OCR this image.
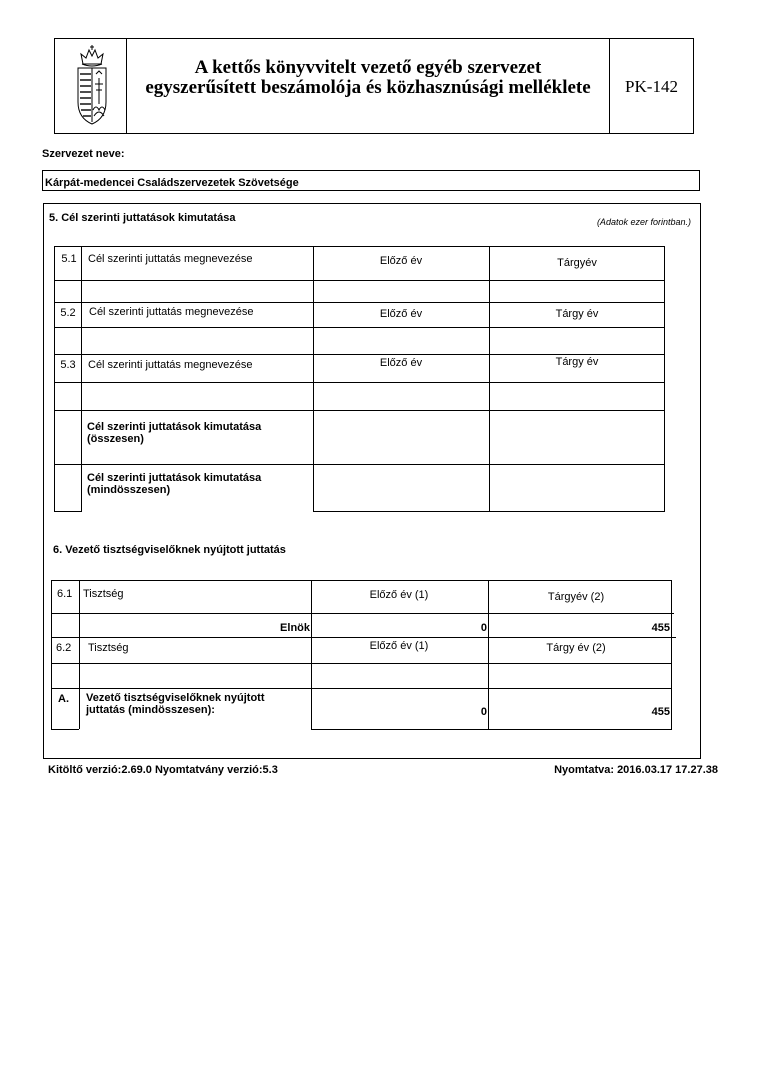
A kettős könyvvitelt vezető egyéb szervezet
egyszerűsített beszámolója és közhasznúsági melléklete	PK-142
Szervezet neve:
Kárpát-medencei Családszervezetek Szövetsége
5. Cél szerinti juttatások kimutatása	(Adatok ezer forintban.)
5.1	Cél szerinti juttatás megnevezése	Előző év	Tárgyév
5.2	Cél szerinti juttatás megnevezése	Előző év	Tárgy év
5.3	Cél szerinti juttatás megnevezése	Előző év	Tárgy év
Cél szerinti juttatások kimutatása (összesen)
Cél szerinti juttatások kimutatása (mindösszesen)
6. Vezető tisztségviselőknek nyújtott juttatás
6.1 Tisztség	Előző év (1)	Tárgyév (2)
Elnök	0	455
6.2 Tisztség	Előző év (1)	Tárgy év (2)
A. Vezető tisztségviselőknek nyújtott juttatás (mindösszesen):	0	455
Kitöltő verzió:2.69.0 Nyomtatvány verzió:5.3	Nyomtatva: 2016.03.17 17.27.38
